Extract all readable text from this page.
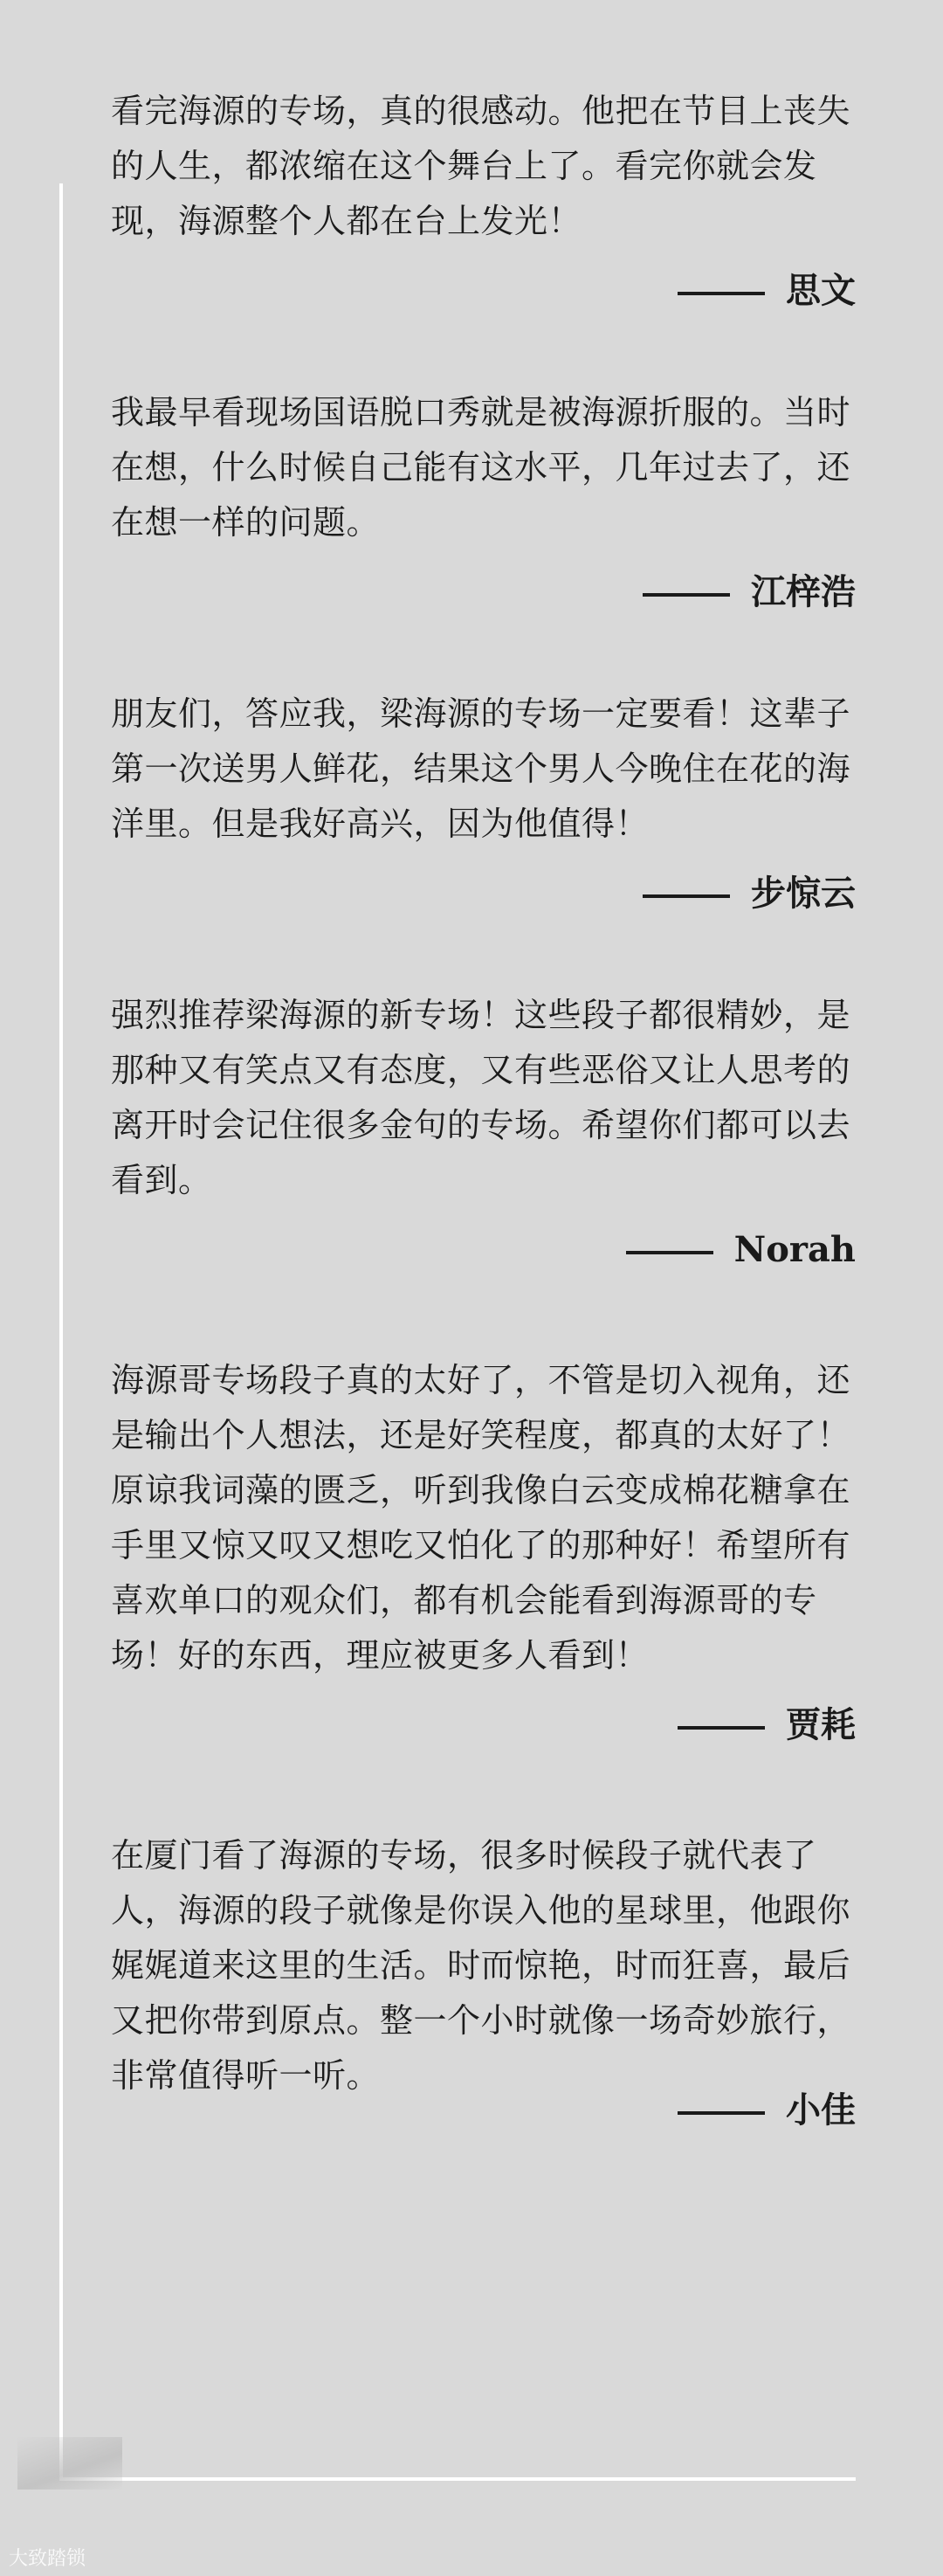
看完海源的专场，真的很感动。他把在节目上丧失的人生，都浓缩在这个舞台上了。看完你就会发现，海源整个人都在台上发光！

思文

我最早看现场国语脱口秀就是被海源折服的。当时在想，什么时候自己能有这水平，几年过去了，还在想一样的问题。

江梓浩

朋友们，答应我，梁海源的专场一定要看！这辈子第一次送男人鲜花，结果这个男人今晚住在花的海洋里。但是我好高兴，因为他值得！

步惊云

强烈推荐梁海源的新专场！这些段子都很精妙，是那种又有笑点又有态度，又有些恶俗又让人思考的离开时会记住很多金句的专场。希望你们都可以去看到。

Norah

海源哥专场段子真的太好了，不管是切入视角，还是输出个人想法，还是好笑程度，都真的太好了！原谅我词藻的匮乏，听到我像白云变成棉花糖拿在手里又惊又叹又想吃又怕化了的那种好！希望所有喜欢单口的观众们，都有机会能看到海源哥的专场！好的东西，理应被更多人看到！

贾耗

在厦门看了海源的专场，很多时候段子就代表了人，海源的段子就像是你误入他的星球里，他跟你娓娓道来这里的生活。时而惊艳，时而狂喜，最后又把你带到原点。整一个小时就像一场奇妙旅行，非常值得听一听。

小佳
大致踏锁
